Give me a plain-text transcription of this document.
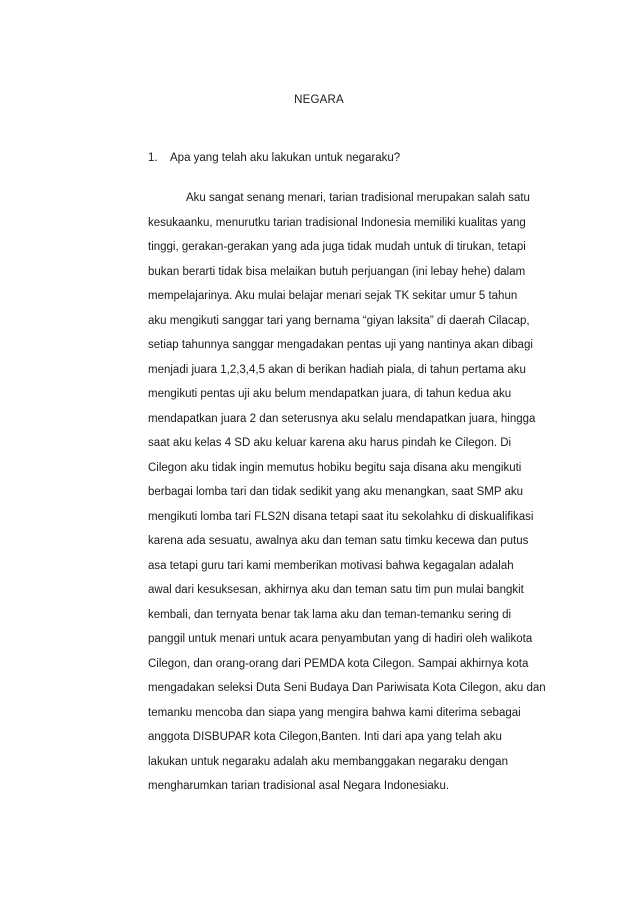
NEGARA
1. Apa yang telah aku lakukan untuk negaraku?
Aku sangat senang menari, tarian tradisional merupakan salah satu
kesukaanku, menurutku tarian tradisional Indonesia memiliki kualitas yang
tinggi, gerakan-gerakan yang ada juga tidak mudah untuk di tirukan, tetapi
bukan berarti tidak bisa melaikan butuh perjuangan (ini lebay hehe) dalam
mempelajarinya. Aku mulai belajar menari sejak TK sekitar umur 5 tahun
aku mengikuti sanggar tari yang bernama “giyan laksita” di daerah Cilacap,
setiap tahunnya sanggar mengadakan pentas uji yang nantinya akan dibagi
menjadi juara 1,2,3,4,5 akan di berikan hadiah piala, di tahun pertama aku
mengikuti pentas uji aku belum mendapatkan juara, di tahun kedua aku
mendapatkan juara 2 dan seterusnya aku selalu mendapatkan juara, hingga
saat aku kelas 4 SD aku keluar karena aku harus pindah ke Cilegon. Di
Cilegon aku tidak ingin memutus hobiku begitu saja disana aku mengikuti
berbagai lomba tari dan tidak sedikit yang aku menangkan, saat SMP aku
mengikuti lomba tari FLS2N disana tetapi saat itu sekolahku di diskualifikasi
karena ada sesuatu, awalnya aku dan teman satu timku kecewa dan putus
asa tetapi guru tari kami memberikan motivasi bahwa kegagalan adalah
awal dari kesuksesan, akhirnya aku dan teman satu tim pun mulai bangkit
kembali, dan ternyata benar tak lama aku dan teman-temanku sering di
panggil untuk menari untuk acara penyambutan yang di hadiri oleh walikota
Cilegon, dan orang-orang dari PEMDA kota Cilegon. Sampai akhirnya kota
mengadakan seleksi Duta Seni Budaya Dan Pariwisata Kota Cilegon, aku dan
temanku mencoba dan siapa yang mengira bahwa kami diterima sebagai
anggota DISBUPAR kota Cilegon,Banten. Inti dari apa yang telah aku
lakukan untuk negaraku adalah aku membanggakan negaraku dengan
mengharumkan tarian tradisional asal Negara Indonesiaku.
